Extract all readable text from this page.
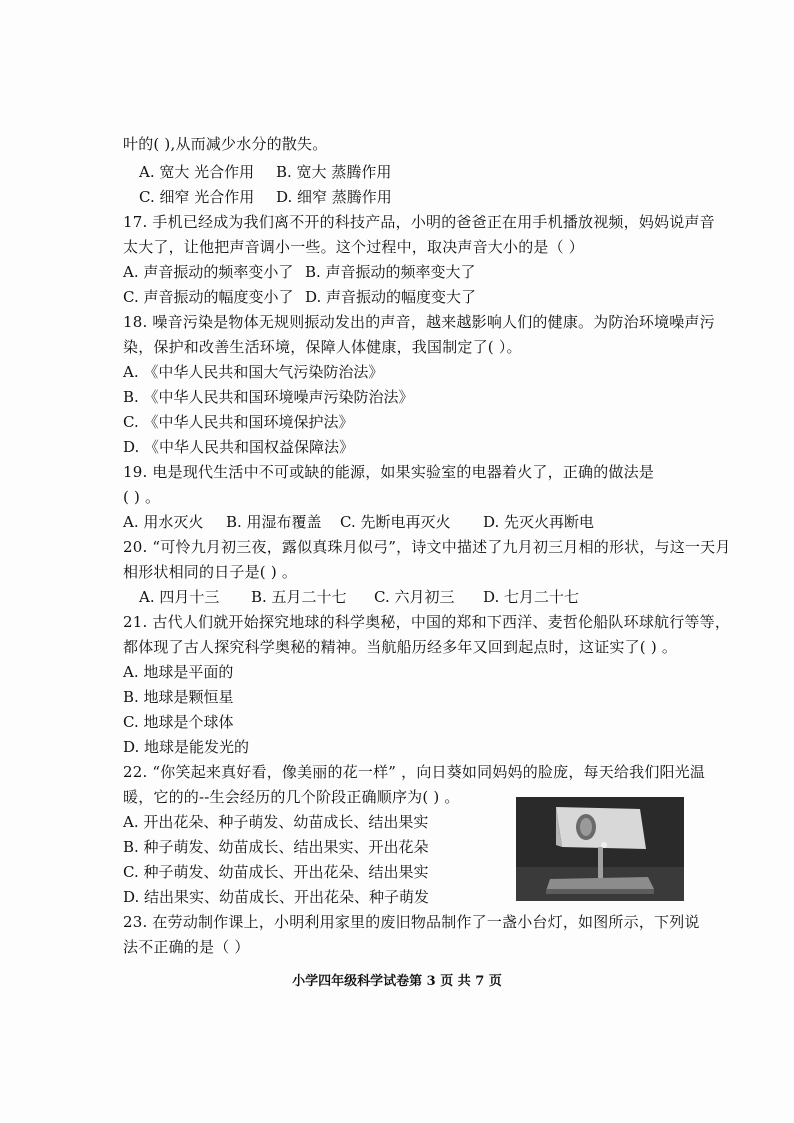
叶的( ),从而减少水分的散失。
A. 宽大 光合作用 B. 宽大 蒸腾作用
C. 细窄 光合作用 D. 细窄 蒸腾作用
17. 手机已经成为我们离不开的科技产品，小明的爸爸正在用手机播放视频，妈妈说声音
太大了，让他把声音调小一些。这个过程中，取决声音大小的是（ ）
A. 声音振动的频率变小了 B. 声音振动的频率变大了
C. 声音振动的幅度变小了 D. 声音振动的幅度变大了
18. 噪音污染是物体无规则振动发出的声音，越来越影响人们的健康。为防治环境噪声污
染，保护和改善生活环境，保障人体健康，我国制定了( ）。
A. 《中华人民共和国大气污染防治法》
B. 《中华人民共和国环境噪声污染防治法》
C. 《中华人民共和国环境保护法》
D. 《中华人民共和国权益保障法》
19. 电是现代生活中不可或缺的能源，如果实验室的电器着火了，正确的做法是
( ) 。
A. 用水灭火 B. 用湿布覆盖 C. 先断电再灭火 D. 先灭火再断电
20. “可怜九月初三夜，露似真珠月似弓”，诗文中描述了九月初三月相的形状，与这一天月
相形状相同的日子是( ) 。
A. 四月十三 B. 五月二十七 C. 六月初三 D. 七月二十七
21. 古代人们就开始探究地球的科学奥秘，中国的郑和下西洋、麦哲伦船队环球航行等等，
都体现了古人探究科学奥秘的精神。当航船历经多年又回到起点时，这证实了( ) 。
A. 地球是平面的
B. 地球是颗恒星
C. 地球是个球体
D. 地球是能发光的
22. “你笑起来真好看，像美丽的花一样” ，向日葵如同妈妈的脸庞，每天给我们阳光温
暖，它的的--生会经历的几个阶段正确顺序为( ) 。
A. 开出花朵、种子萌发、幼苗成长、结出果实
B. 种子萌发、幼苗成长、结出果实、开出花朵
C. 种子萌发、幼苗成长、开出花朵、结出果实
D. 结出果实、幼苗成长、开出花朵、种子萌发
23. 在劳动制作课上，小明利用家里的废旧物品制作了一盏小台灯，如图所示，下列说
法不正确的是（ ）
小学四年级科学试卷第 3 页 共 7 页
